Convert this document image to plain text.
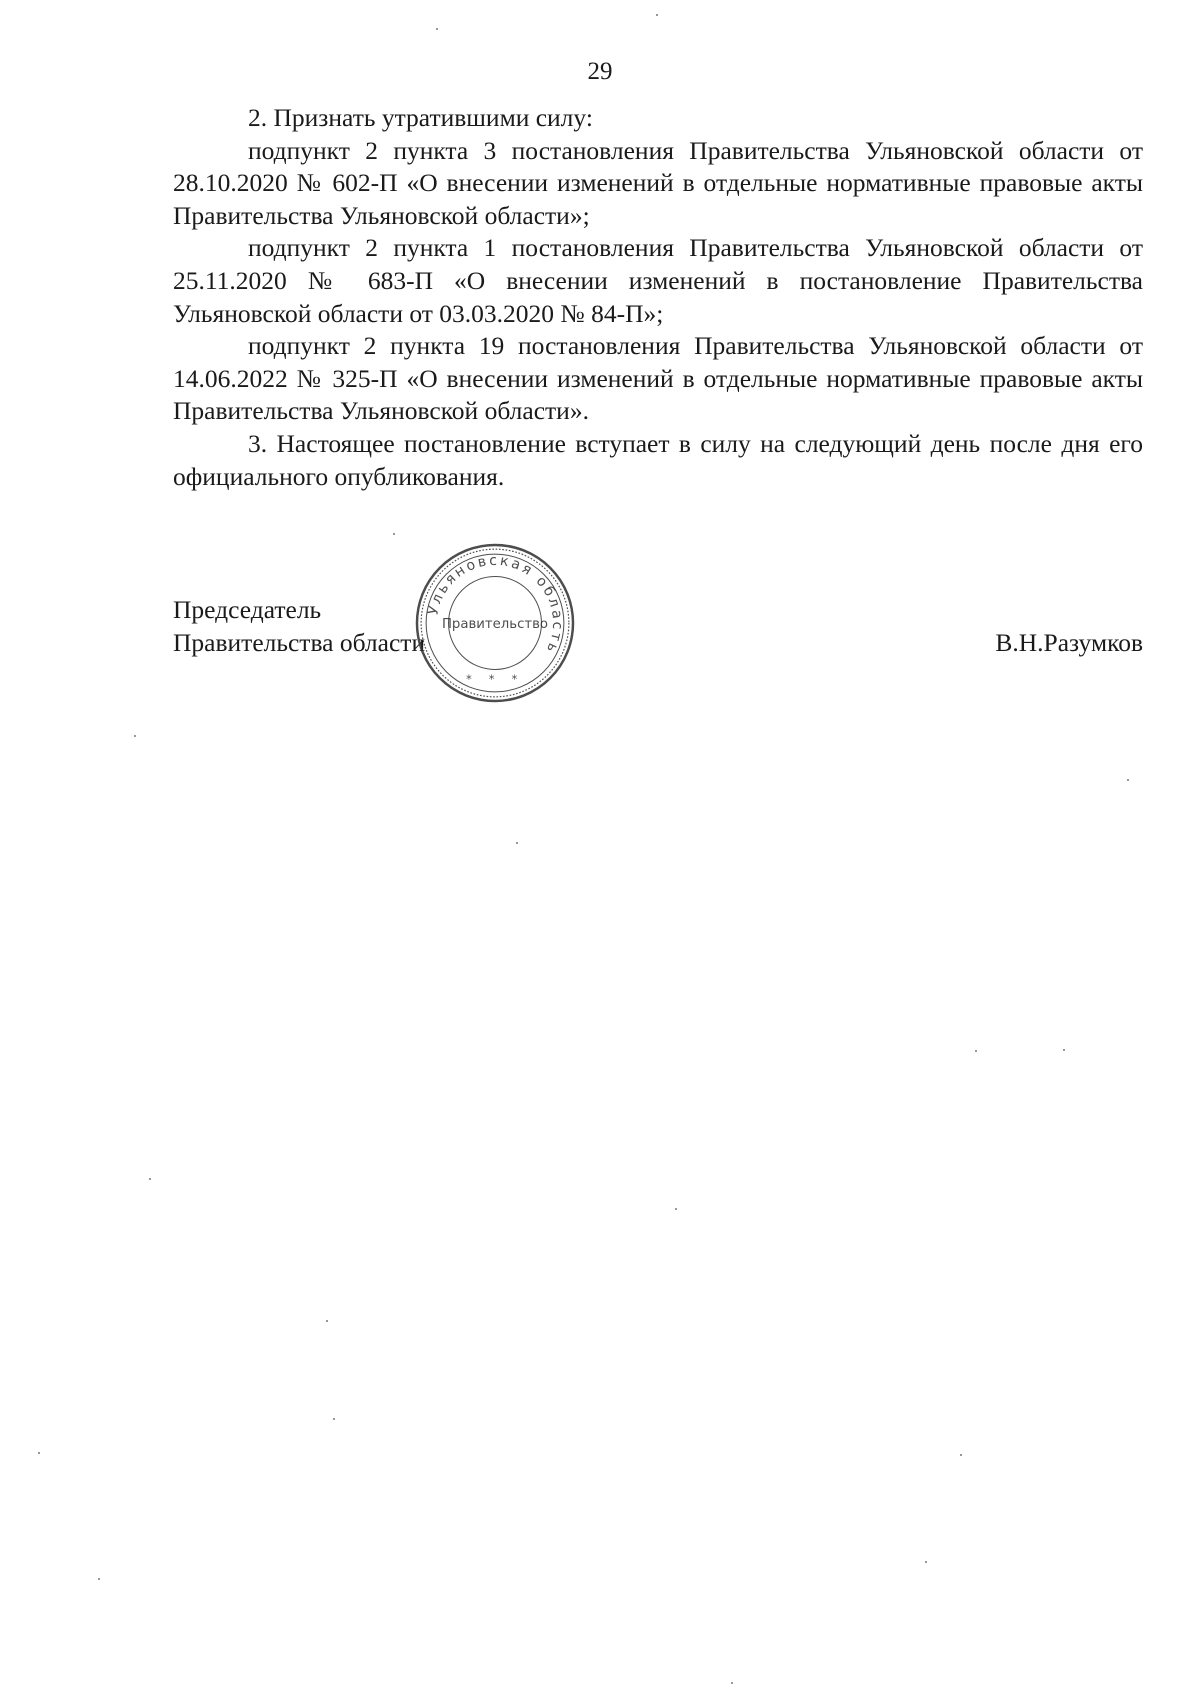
29

2. Признать утратившими силу:

подпункт 2 пункта 3 постановления Правительства Ульяновской области от 28.10.2020 № 602-П «О внесении изменений в отдельные нормативные правовые акты Правительства Ульяновской области»;

подпункт 2 пункта 1 постановления Правительства Ульяновской области от 25.11.2020 № 683-П «О внесении изменений в постановление Правительства Ульяновской области от 03.03.2020 № 84-П»;

подпункт 2 пункта 19 постановления Правительства Ульяновской области от 14.06.2022 № 325-П «О внесении изменений в отдельные нормативные правовые акты Правительства Ульяновской области».

3. Настоящее постановление вступает в силу на следующий день после дня его официального опубликования.

Председатель
Правительства области	В.Н.Разумков
Ульяновская область
Правительство
* * *
